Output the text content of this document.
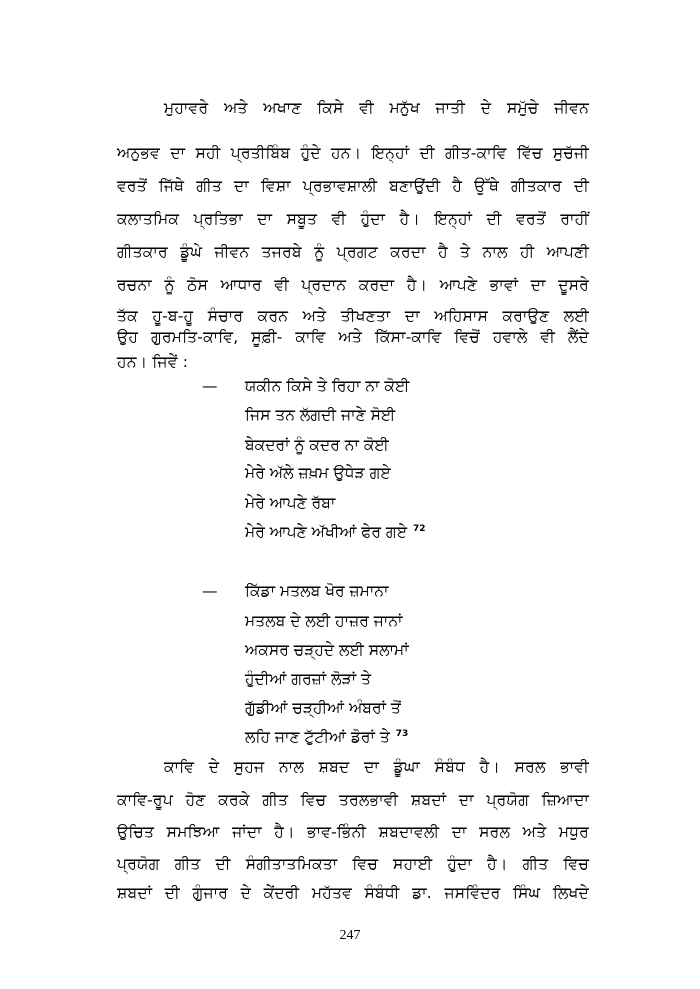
ਮੁਹਾਵਰੇ ਅਤੇ ਅਖਾਣ ਕਿਸੇ ਵੀ ਮਨੁੱਖ ਜਾਤੀ ਦੇ ਸਮੁੱਚੇ ਜੀਵਨ
ਅਨੁਭਵ ਦਾ ਸਹੀ ਪ੍ਰਤੀਬਿੰਬ ਹੁੰਦੇ ਹਨ। ਇਨ੍ਹਾਂ ਦੀ ਗੀਤ-ਕਾਵਿ ਵਿੱਚ ਸੁਚੱਜੀ
ਵਰਤੋਂ ਜਿੱਥੇ ਗੀਤ ਦਾ ਵਿਸ਼ਾ ਪ੍ਰਭਾਵਸ਼ਾਲੀ ਬਣਾਉਂਦੀ ਹੈ ਉੱਥੇ ਗੀਤਕਾਰ ਦੀ
ਕਲਾਤਮਿਕ ਪ੍ਰਤਿਭਾ ਦਾ ਸਬੂਤ ਵੀ ਹੁੰਦਾ ਹੈ। ਇਨ੍ਹਾਂ ਦੀ ਵਰਤੋਂ ਰਾਹੀਂ
ਗੀਤਕਾਰ ਡੂੰਘੇ ਜੀਵਨ ਤਜਰਬੇ ਨੂੰ ਪ੍ਰਗਟ ਕਰਦਾ ਹੈ ਤੇ ਨਾਲ ਹੀ ਆਪਣੀ
ਰਚਨਾ ਨੂੰ ਠੋਸ ਆਧਾਰ ਵੀ ਪ੍ਰਦਾਨ ਕਰਦਾ ਹੈ। ਆਪਣੇ ਭਾਵਾਂ ਦਾ ਦੂਸਰੇ
ਤੱਕ ਹੂ-ਬ-ਹੂ ਸੰਚਾਰ ਕਰਨ ਅਤੇ ਤੀਖਣਤਾ ਦਾ ਅਹਿਸਾਸ ਕਰਾਉਣ ਲਈ
ਉਹ ਗੁਰਮਤਿ-ਕਾਵਿ, ਸੂਫ਼ੀ- ਕਾਵਿ ਅਤੇ ਕਿੱਸਾ-ਕਾਵਿ ਵਿਚੋਂ ਹਵਾਲੇ ਵੀ ਲੈਂਦੇ
ਹਨ। ਜਿਵੇਂ :
— ਯਕੀਨ ਕਿਸੇ ਤੇ ਰਿਹਾ ਨਾ ਕੋਈ
ਜਿਸ ਤਨ ਲੱਗਦੀ ਜਾਣੇ ਸੋਈ
ਬੇਕਦਰਾਂ ਨੂੰ ਕਦਰ ਨਾ ਕੋਈ
ਮੇਰੇ ਅੱਲੇ ਜ਼ਖ਼ਮ ਉਧੇੜ ਗਏ
ਮੇਰੇ ਆਪਣੇ ਰੱਬਾ
ਮੇਰੇ ਆਪਣੇ ਅੱਖੀਆਂ ਫੇਰ ਗਏ $^{72}$
— ਕਿੱਡਾ ਮਤਲਬ ਖੋਰ ਜ਼ਮਾਨਾ
ਮਤਲਬ ਦੇ ਲਈ ਹਾਜ਼ਰ ਜਾਨਾਂ
ਅਕਸਰ ਚੜ੍ਹਦੇ ਲਈ ਸਲਾਮਾਂ
ਹੁੰਦੀਆਂ ਗਰਜ਼ਾਂ ਲੋੜਾਂ ਤੇ
ਗੁੱਡੀਆਂ ਚੜ੍ਹੀਆਂ ਅੰਬਰਾਂ ਤੋਂ
ਲਹਿ ਜਾਣ ਟੁੱਟੀਆਂ ਡੋਰਾਂ ਤੇ $^{73}$
ਕਾਵਿ ਦੇ ਸੁਹਜ ਨਾਲ ਸ਼ਬਦ ਦਾ ਡੂੰਘਾ ਸੰਬੰਧ ਹੈ। ਸਰਲ ਭਾਵੀ
ਕਾਵਿ-ਰੂਪ ਹੋਣ ਕਰਕੇ ਗੀਤ ਵਿਚ ਤਰਲਭਾਵੀ ਸ਼ਬਦਾਂ ਦਾ ਪ੍ਰਯੋਗ ਜ਼ਿਆਦਾ
ਉਚਿਤ ਸਮਝਿਆ ਜਾਂਦਾ ਹੈ। ਭਾਵ-ਭਿੰਨੀ ਸ਼ਬਦਾਵਲੀ ਦਾ ਸਰਲ ਅਤੇ ਮਧੁਰ
ਪ੍ਰਯੋਗ ਗੀਤ ਦੀ ਸੰਗੀਤਾਤਮਿਕਤਾ ਵਿਚ ਸਹਾਈ ਹੁੰਦਾ ਹੈ। ਗੀਤ ਵਿਚ
ਸ਼ਬਦਾਂ ਦੀ ਗੁੰਜਾਰ ਦੇ ਕੇਂਦਰੀ ਮਹੱਤਵ ਸੰਬੰਧੀ ਡਾ. ਜਸਵਿੰਦਰ ਸਿੰਘ ਲਿਖਦੇ
247
